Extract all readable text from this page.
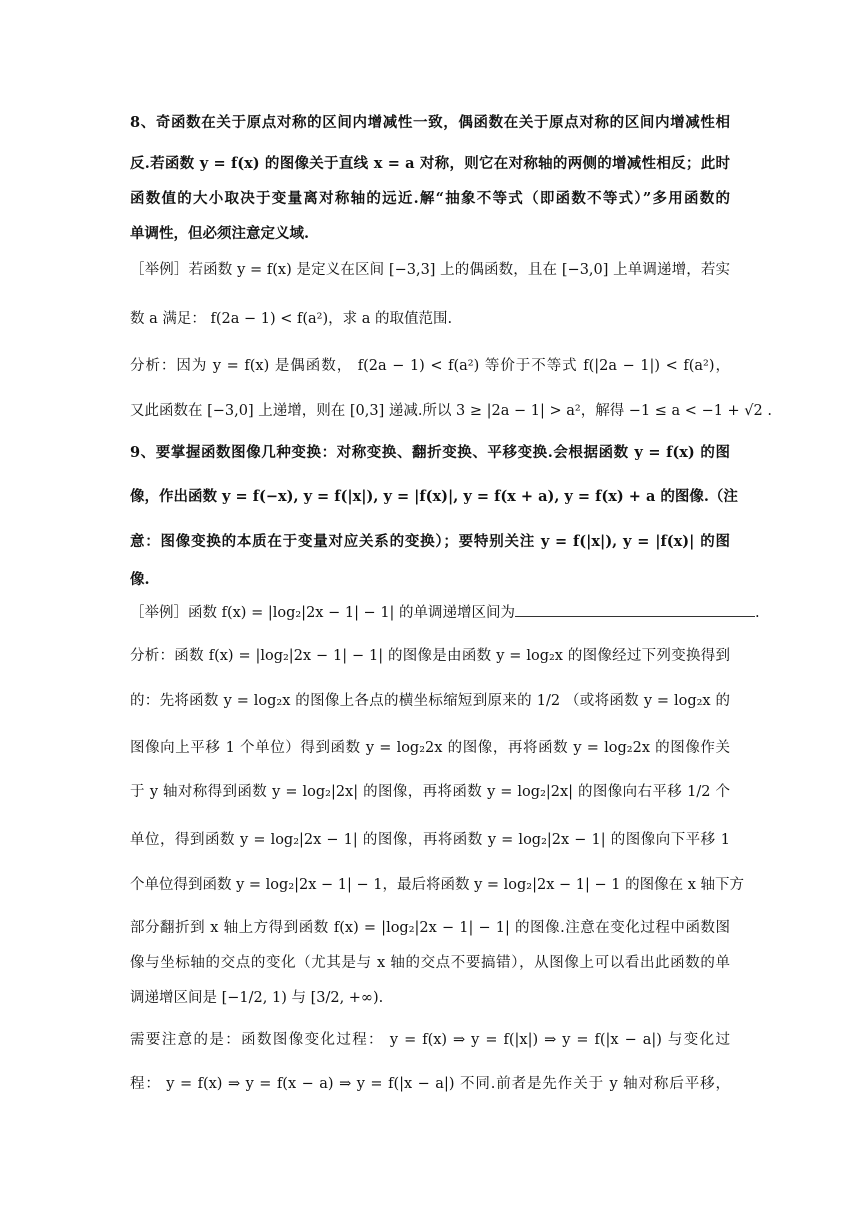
8、奇函数在关于原点对称的区间内增减性一致，偶函数在关于原点对称的区间内增减性相
反.若函数 y = f(x) 的图像关于直线 x = a 对称，则它在对称轴的两侧的增减性相反；此时
函数值的大小取决于变量离对称轴的远近.解“抽象不等式（即函数不等式）”多用函数的
单调性，但必须注意定义域.
［举例］若函数 y = f(x) 是定义在区间 [−3,3] 上的偶函数，且在 [−3,0] 上单调递增，若实
数 a 满足： f(2a − 1) < f(a²)，求 a 的取值范围.
分析：因为 y = f(x) 是偶函数， f(2a − 1) < f(a²) 等价于不等式 f(|2a − 1|) < f(a²)，
又此函数在 [−3,0] 上递增，则在 [0,3] 递减.所以 3 ≥ |2a − 1| > a²，解得 −1 ≤ a < −1 + √2 .
9、要掌握函数图像几种变换：对称变换、翻折变换、平移变换.会根据函数 y = f(x) 的图
像，作出函数 y = f(−x), y = f(|x|), y = |f(x)|, y = f(x + a), y = f(x) + a 的图像.（注
意：图像变换的本质在于变量对应关系的变换）；要特别关注 y = f(|x|), y = |f(x)| 的图
像.
［举例］函数 f(x) = |log₂|2x − 1| − 1| 的单调递增区间为	.
分析：函数 f(x) = |log₂|2x − 1| − 1| 的图像是由函数 y = log₂x 的图像经过下列变换得到
的：先将函数 y = log₂x 的图像上各点的横坐标缩短到原来的 1/2 （或将函数 y = log₂x 的
图像向上平移 1 个单位）得到函数 y = log₂2x 的图像，再将函数 y = log₂2x 的图像作关
于 y 轴对称得到函数 y = log₂|2x| 的图像，再将函数 y = log₂|2x| 的图像向右平移 1/2 个
单位，得到函数 y = log₂|2x − 1| 的图像，再将函数 y = log₂|2x − 1| 的图像向下平移 1
个单位得到函数 y = log₂|2x − 1| − 1，最后将函数 y = log₂|2x − 1| − 1 的图像在 x 轴下方
部分翻折到 x 轴上方得到函数 f(x) = |log₂|2x − 1| − 1| 的图像.注意在变化过程中函数图
像与坐标轴的交点的变化（尤其是与 x 轴的交点不要搞错），从图像上可以看出此函数的单
调递增区间是 [−1/2, 1) 与 [3/2, +∞).
需要注意的是：函数图像变化过程： y = f(x) ⇒ y = f(|x|) ⇒ y = f(|x − a|) 与变化过
程： y = f(x) ⇒ y = f(x − a) ⇒ y = f(|x − a|) 不同.前者是先作关于 y 轴对称后平移，
